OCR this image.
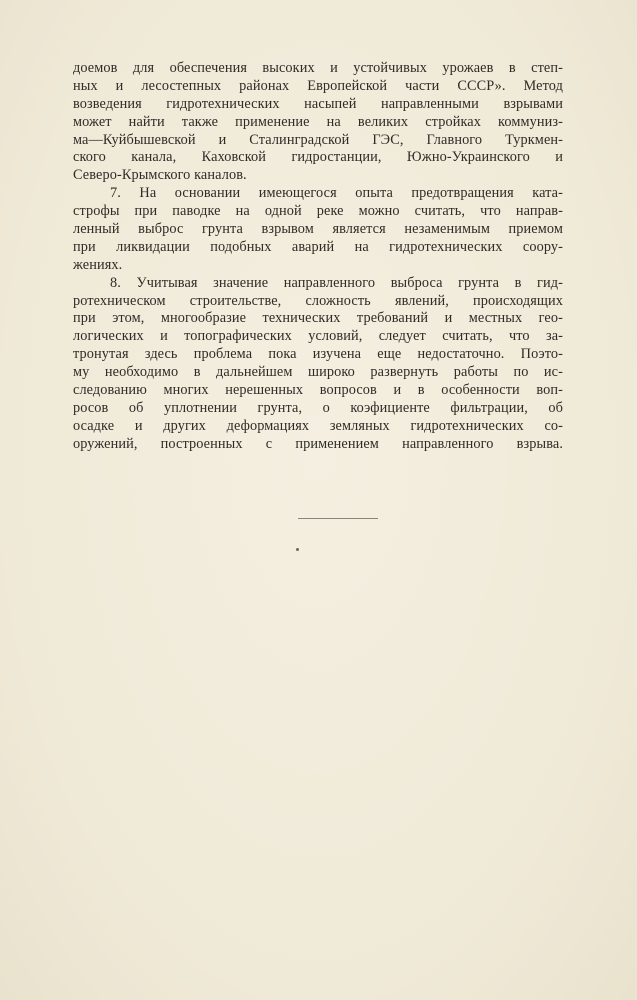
доемов для обеспечения высоких и устойчивых урожаев в степ-
ных и лесостепных районах Европейской части СССР». Метод
возведения гидротехнических насыпей направленными взрывами
может найти также применение на великих стройках коммуниз-
ма—Куйбышевской и Сталинградской ГЭС, Главного Туркмен-
ского канала, Каховской гидростанции, Южно-Украинского и
Северо-Крымского каналов.
7. На основании имеющегося опыта предотвращения ката-
строфы при паводке на одной реке можно считать, что направ-
ленный выброс грунта взрывом является незаменимым приемом
при ликвидации подобных аварий на гидротехнических соору-
жениях.
8. Учитывая значение направленного выброса грунта в гид-
ротехническом строительстве, сложность явлений, происходящих
при этом, многообразие технических требований и местных гео-
логических и топографических условий, следует считать, что за-
тронутая здесь проблема пока изучена еще недостаточно. Поэто-
му необходимо в дальнейшем широко развернуть работы по ис-
следованию многих нерешенных вопросов и в особенности воп-
росов об уплотнении грунта, о коэфициенте фильтрации, об
осадке и других деформациях земляных гидротехнических со-
оружений, построенных с применением направленного взрыва.
